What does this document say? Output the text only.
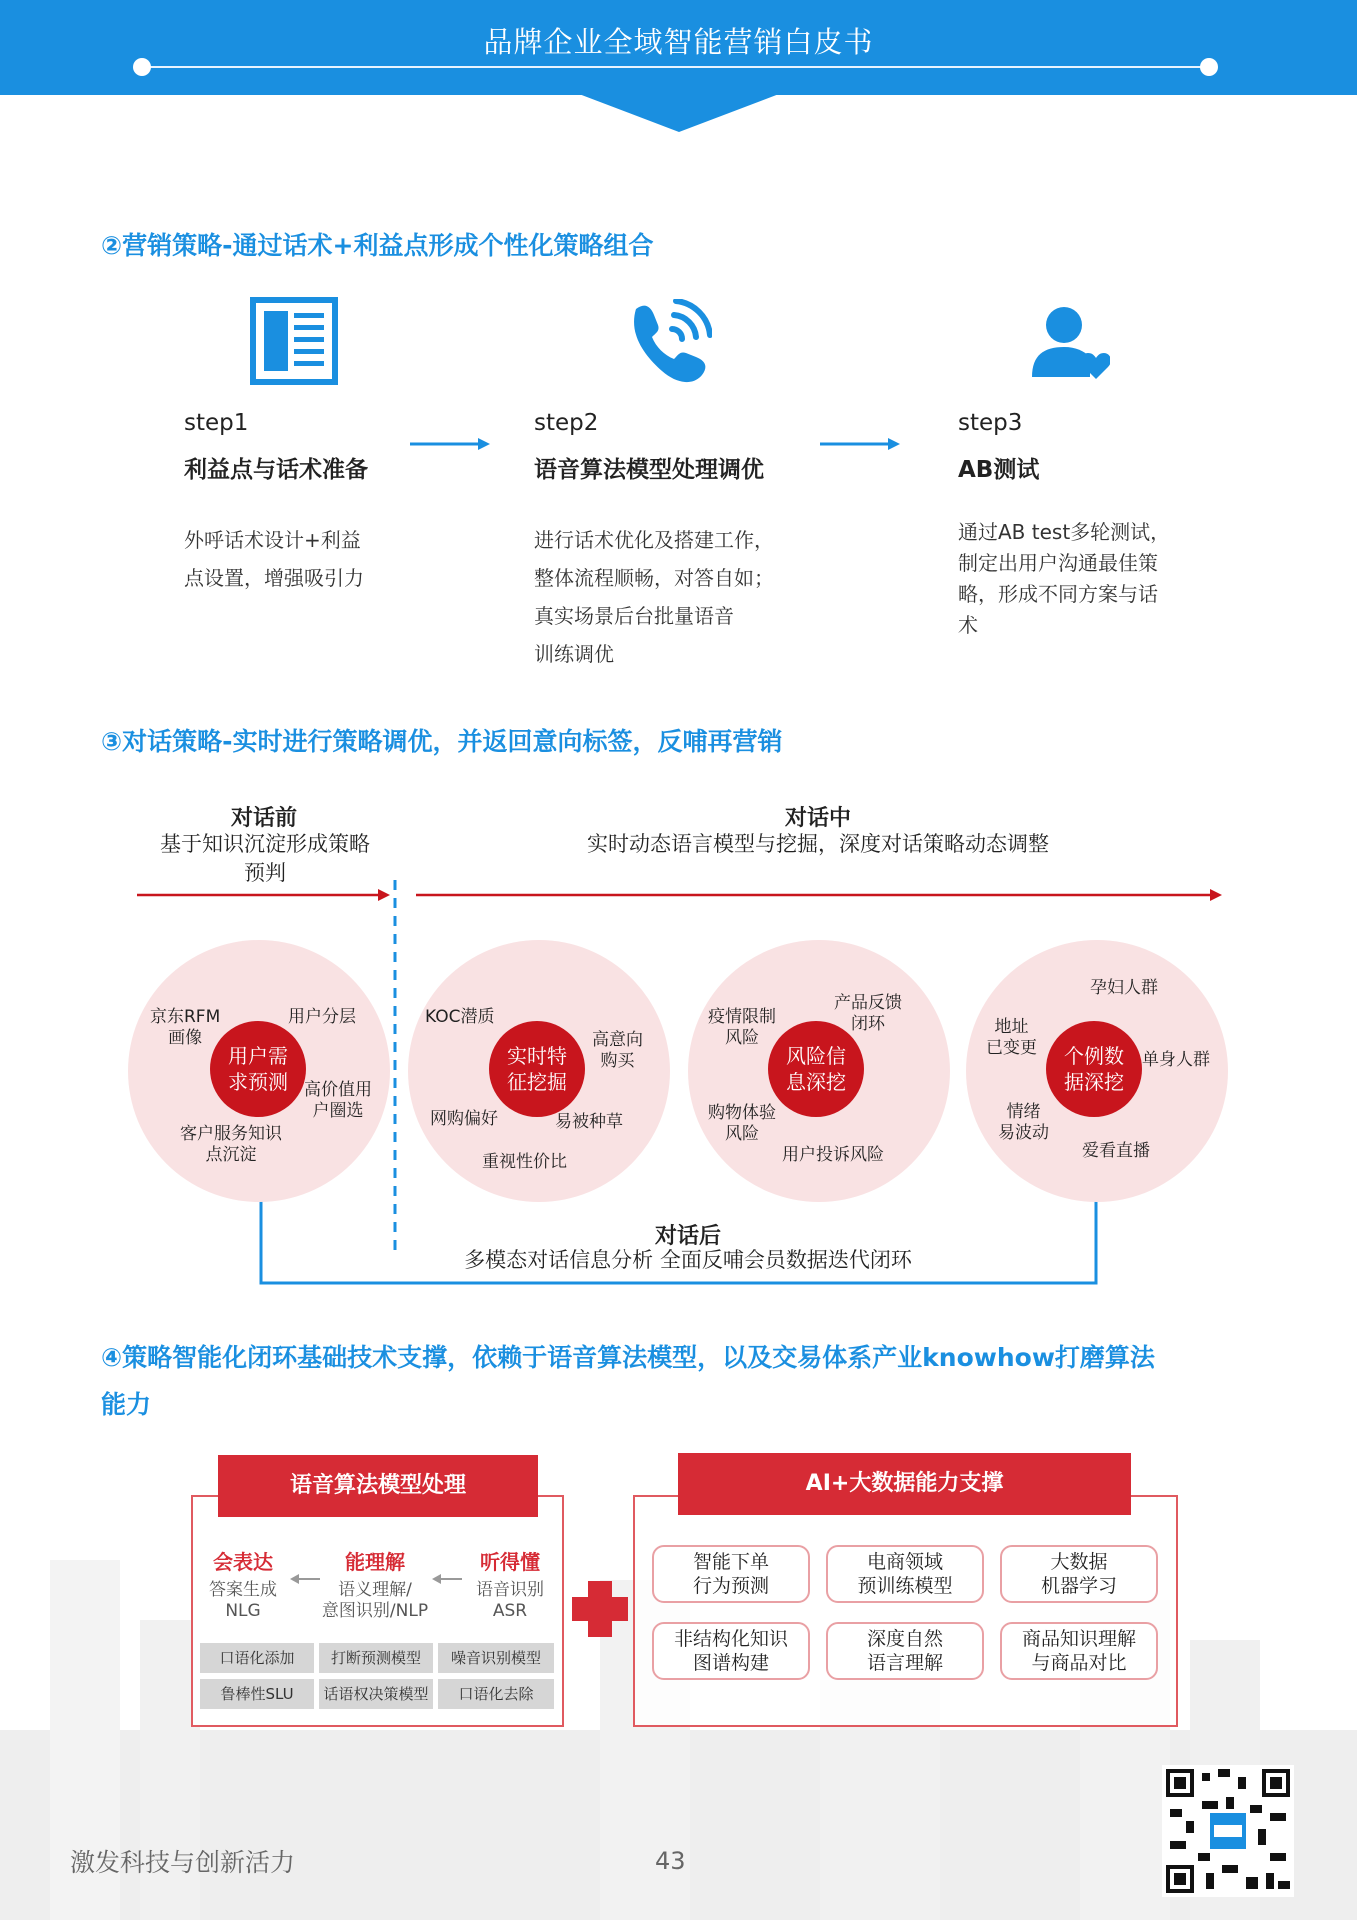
品牌企业全域智能营销白皮书
②营销策略-通过话术+利益点形成个性化策略组合
step1
利益点与话术准备
外呼话术设计+利益
点设置，增强吸引力
step2
语音算法模型处理调优
进行话术优化及搭建工作，
整体流程顺畅，对答自如；
真实场景后台批量语音
训练调优
step3
AB测试
通过AB test多轮测试，
制定出用户沟通最佳策
略，形成不同方案与话
术
③对话策略-实时进行策略调优，并返回意向标签，反哺再营销
对话前
基于知识沉淀形成策略
预判
对话中
实时动态语言模型与挖掘，深度对话策略动态调整
用户需
求预测
京东RFM
画像
用户分层
高价值用
户圈选
客户服务知识
点沉淀
实时特
征挖掘
KOC潜质
高意向
购买
易被种草
重视性价比
网购偏好
风险信
息深挖
疫情限制
风险
产品反馈
闭环
用户投诉风险
购物体验
风险
个例数
据深挖
孕妇人群
单身人群
爱看直播
情绪
易波动
地址
已变更
对话后
多模态对话信息分析 全面反哺会员数据迭代闭环
④策略智能化闭环基础技术支撑，依赖于语音算法模型，以及交易体系产业knowhow打磨算法
能力
语音算法模型处理
会表达
答案生成
NLG
能理解
语义理解/
意图识别/NLP
听得懂
语音识别
ASR
口语化添加	打断预测模型	噪音识别模型
鲁棒性SLU	话语权决策模型	口语化去除
AI+大数据能力支撑
智能下单
行为预测
电商领域
预训练模型
大数据
机器学习
非结构化知识
图谱构建
深度自然
语言理解
商品知识理解
与商品对比
激发科技与创新活力	43
